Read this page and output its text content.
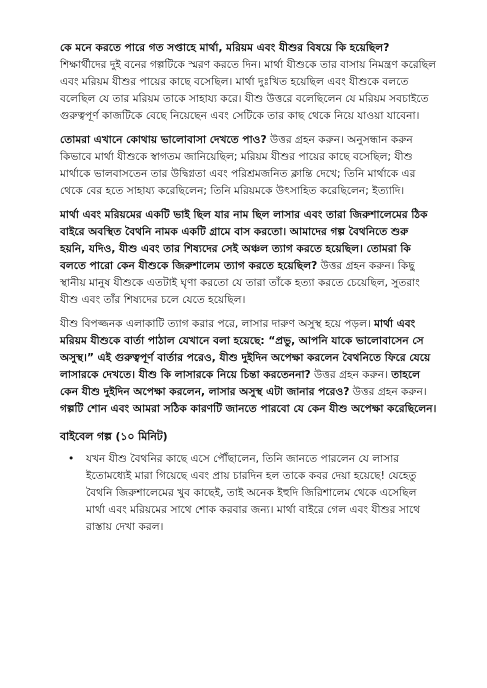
কে মনে করতে পারে গত সপ্তাহে মার্থা, মরিয়ম এবং যীশুর বিষয়ে কি হয়েছিল? শিক্ষার্থীদের দুই বনের গল্পটিকে স্মরণ করতে দিন। মার্থা যীশুকে তার বাসায় নিমন্ত্রণ করেছিল এবং মরিয়ম যীশুর পায়ের কাছে বসেছিল। মার্থা দুঃখিত হয়েছিল এবং যীশুকে বলতে বলেছিল যে তার মরিয়ম তাকে সাহায্য করে। যীশু উত্তরে বলেছিলেন যে মরিয়ম সবচাইতে গুরুত্বপূর্ণ কাজটিকে বেছে নিয়েছেন এবং সেটিকে তার কাছ থেকে নিয়ে যাওয়া যাবেনা।

তোমরা এখানে কোথায় ভালোবাসা দেখতে পাও? উত্তর গ্রহন করুন। অনুসন্ধান করুন কিভাবে মার্থা যীশুকে স্বাগতম জানিয়েছিল; মরিয়ম যীশুর পায়ের কাছে বসেছিল; যীশু মার্থাকে ভালবাসতেন তার উদ্বিগ্নতা এবং পরিশ্রমজনিত ক্লান্তি দেখে; তিনি মার্থাকে এর থেকে বের হতে সাহায্য করেছিলেন; তিনি মরিয়মকে উৎসাহিত করেছিলেন; ইত্যাদি।

মার্থা এবং মরিয়মের একটি ভাই ছিল যার নাম ছিল লাসার এবং তারা জিরুশালেমের ঠিক বাইরে অবস্থিত বৈথনি নামক একটি গ্রামে বাস করতো। আমাদের গল্প বৈথনিতে শুরু হয়নি, যদিও, যীশু এবং তার শিষ্যদের সেই অঞ্চল ত্যাগ করতে হয়েছিল। তোমরা কি বলতে পারো কেন যীশুকে জিরুশালেম ত্যাগ করতে হয়েছিল? উত্তর গ্রহন করুন। কিছু স্থানীয় মানুষ যীশুকে এতটাই ঘৃণা করতো যে তারা তাঁকে হত্যা করতে চেয়েছিল, সুতরাং যীশু এবং তাঁর শিষ্যদের চলে যেতে হয়েছিল।

যীশু বিপজ্জনক এলাকাটি ত্যাগ করার পরে, লাসার দারুণ অসুস্থ হয়ে পড়ল। মার্থা এবং মরিয়ম যীশুকে বার্তা পাঠাল যেখানে বলা হয়েছে: “প্রভু, আপনি যাকে ভালোবাসেন সে অসুস্থ।” এই গুরুত্বপূর্ণ বার্তার পরেও, যীশু দুইদিন অপেক্ষা করলেন বৈথনিতে ফিরে যেয়ে লাসারকে দেখতে। যীশু কি লাসারকে নিয়ে চিন্তা করতেননা? উত্তর গ্রহন করুন। তাহলে কেন যীশু দুইদিন অপেক্ষা করলেন, লাসার অসুস্থ এটা জানার পরেও? উত্তর গ্রহন করুন। গল্পটি শোন এবং আমরা সঠিক কারণটি জানতে পারবো যে কেন যীশু অপেক্ষা করেছিলেন।

বাইবেল গল্প (১০ মিনিট)
•	যখন যীশু বৈথনির কাছে এসে পৌঁছালেন, তিনি জানতে পারলেন যে লাসার ইতোমধ্যেই মারা গিয়েছে এবং প্রায় চারদিন হল তাকে কবর দেয়া হয়েছে! যেহেতু বৈথনি জিরুশালেমের খুব কাছেই, তাই অনেক ইহুদি জিরিশালেম থেকে এসেছিল মার্থা এবং মরিয়মের সাথে শোক করবার জন্য। মার্থা বাইরে গেল এবং যীশুর সাথে রাস্তায় দেখা করল।
